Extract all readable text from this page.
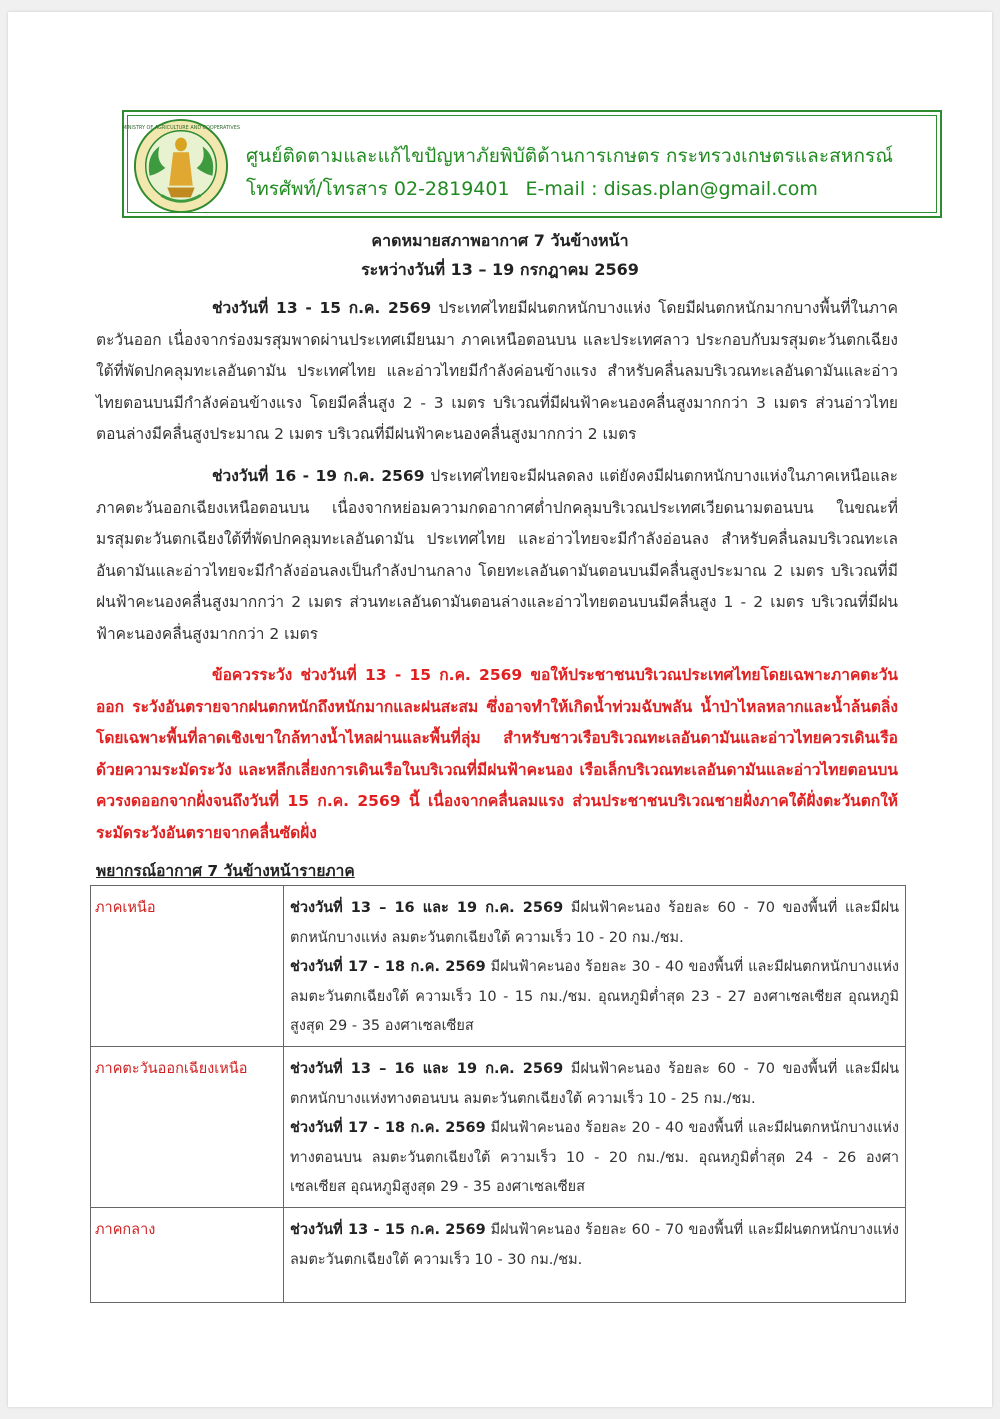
MINISTRY OF AGRICULTURE AND COOPERATIVES
ศูนย์ติดตามและแก้ไขปัญหาภัยพิบัติด้านการเกษตร กระทรวงเกษตรและสหกรณ์
โทรศัพท์/โทรสาร 02-2819401 E-mail : disas.plan@gmail.com
คาดหมายสภาพอากาศ 7 วันข้างหน้า
ระหว่างวันที่ 13 – 19 กรกฎาคม 2569
ช่วงวันที่ 13 - 15 ก.ค. 2569 ประเทศไทยมีฝนตกหนักบางแห่ง โดยมีฝนตกหนักมากบางพื้นที่ในภาคตะวันออก เนื่องจากร่องมรสุมพาดผ่านประเทศเมียนมา ภาคเหนือตอนบน และประเทศลาว ประกอบกับมรสุมตะวันตกเฉียงใต้ที่พัดปกคลุมทะเลอันดามัน ประเทศไทย และอ่าวไทยมีกำลังค่อนข้างแรง สำหรับคลื่นลมบริเวณทะเลอันดามันและอ่าวไทยตอนบนมีกำลังค่อนข้างแรง โดยมีคลื่นสูง 2 - 3 เมตร บริเวณที่มีฝนฟ้าคะนองคลื่นสูงมากกว่า 3 เมตร ส่วนอ่าวไทยตอนล่างมีคลื่นสูงประมาณ 2 เมตร บริเวณที่มีฝนฟ้าคะนองคลื่นสูงมากกว่า 2 เมตร
ช่วงวันที่ 16 - 19 ก.ค. 2569 ประเทศไทยจะมีฝนลดลง แต่ยังคงมีฝนตกหนักบางแห่งในภาคเหนือและภาคตะวันออกเฉียงเหนือตอนบน เนื่องจากหย่อมความกดอากาศต่ำปกคลุมบริเวณประเทศเวียดนามตอนบน ในขณะที่มรสุมตะวันตกเฉียงใต้ที่พัดปกคลุมทะเลอันดามัน ประเทศไทย และอ่าวไทยจะมีกำลังอ่อนลง สำหรับคลื่นลมบริเวณทะเลอันดามันและอ่าวไทยจะมีกำลังอ่อนลงเป็นกำลังปานกลาง โดยทะเลอันดามันตอนบนมีคลื่นสูงประมาณ 2 เมตร บริเวณที่มีฝนฟ้าคะนองคลื่นสูงมากกว่า 2 เมตร ส่วนทะเลอันดามันตอนล่างและอ่าวไทยตอนบนมีคลื่นสูง 1 - 2 เมตร บริเวณที่มีฝนฟ้าคะนองคลื่นสูงมากกว่า 2 เมตร
ข้อควรระวัง ช่วงวันที่ 13 - 15 ก.ค. 2569 ขอให้ประชาชนบริเวณประเทศไทยโดยเฉพาะภาคตะวันออก ระวังอันตรายจากฝนตกหนักถึงหนักมากและฝนสะสม ซึ่งอาจทำให้เกิดน้ำท่วมฉับพลัน น้ำป่าไหลหลากและน้ำล้นตลิ่ง โดยเฉพาะพื้นที่ลาดเชิงเขาใกล้ทางน้ำไหลผ่านและพื้นที่ลุ่ม สำหรับชาวเรือบริเวณทะเลอันดามันและอ่าวไทยควรเดินเรือด้วยความระมัดระวัง และหลีกเลี่ยงการเดินเรือในบริเวณที่มีฝนฟ้าคะนอง เรือเล็กบริเวณทะเลอันดามันและอ่าวไทยตอนบนควรงดออกจากฝั่งจนถึงวันที่ 15 ก.ค. 2569 นี้ เนื่องจากคลื่นลมแรง ส่วนประชาชนบริเวณชายฝั่งภาคใต้ฝั่งตะวันตกให้ระมัดระวังอันตรายจากคลื่นซัดฝั่ง
พยากรณ์อากาศ 7 วันข้างหน้ารายภาค
ภาคเหนือ	ช่วงวันที่ 13 – 16 และ 19 ก.ค. 2569 มีฝนฟ้าคะนอง ร้อยละ 60 - 70 ของพื้นที่ และมีฝนตกหนักบางแห่ง ลมตะวันตกเฉียงใต้ ความเร็ว 10 - 20 กม./ชม.
ช่วงวันที่ 17 - 18 ก.ค. 2569 มีฝนฟ้าคะนอง ร้อยละ 30 - 40 ของพื้นที่ และมีฝนตกหนักบางแห่ง ลมตะวันตกเฉียงใต้ ความเร็ว 10 - 15 กม./ชม. อุณหภูมิต่ำสุด 23 - 27 องศาเซลเซียส อุณหภูมิสูงสุด 29 - 35 องศาเซลเซียส

ภาคตะวันออกเฉียงเหนือ	ช่วงวันที่ 13 – 16 และ 19 ก.ค. 2569 มีฝนฟ้าคะนอง ร้อยละ 60 - 70 ของพื้นที่ และมีฝนตกหนักบางแห่งทางตอนบน ลมตะวันตกเฉียงใต้ ความเร็ว 10 - 25 กม./ชม.
ช่วงวันที่ 17 - 18 ก.ค. 2569 มีฝนฟ้าคะนอง ร้อยละ 20 - 40 ของพื้นที่ และมีฝนตกหนักบางแห่งทางตอนบน ลมตะวันตกเฉียงใต้ ความเร็ว 10 - 20 กม./ชม. อุณหภูมิต่ำสุด 24 - 26 องศาเซลเซียส อุณหภูมิสูงสุด 29 - 35 องศาเซลเซียส

ภาคกลาง	ช่วงวันที่ 13 - 15 ก.ค. 2569 มีฝนฟ้าคะนอง ร้อยละ 60 - 70 ของพื้นที่ และมีฝนตกหนักบางแห่ง ลมตะวันตกเฉียงใต้ ความเร็ว 10 - 30 กม./ชม.
